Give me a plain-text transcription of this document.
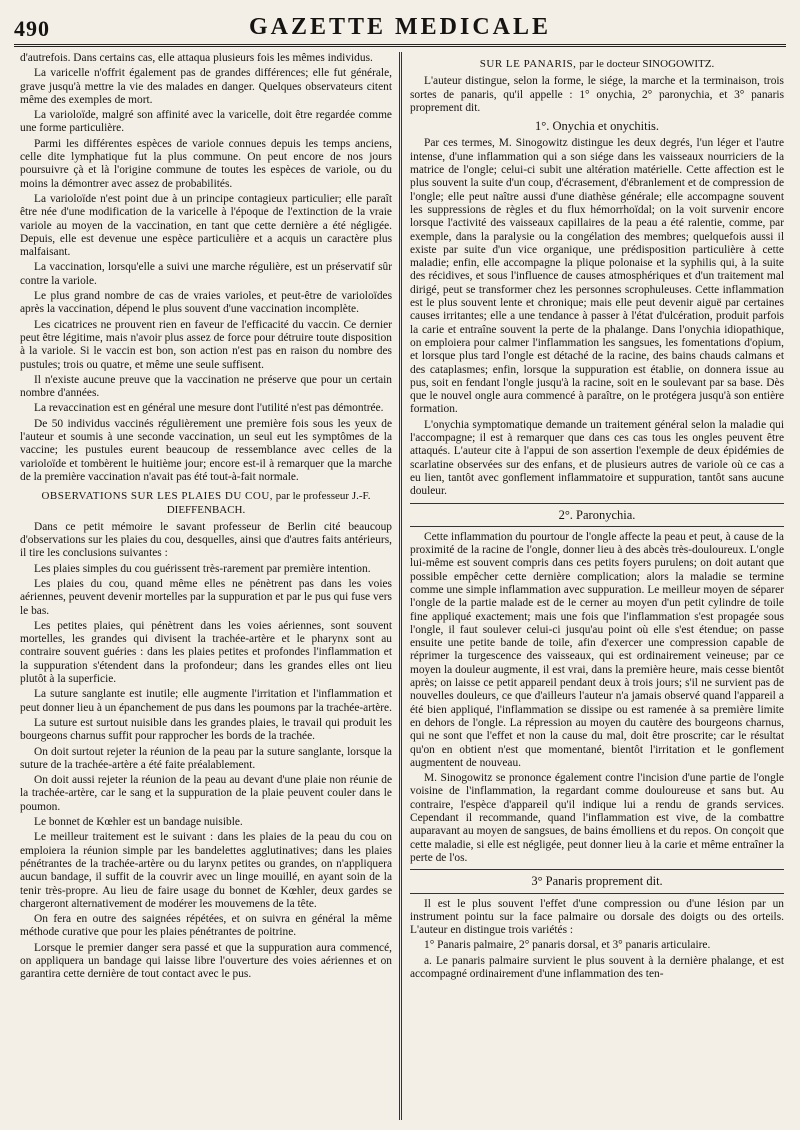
490	GAZETTE MEDICALE

d'autrefois. Dans certains cas, elle attaqua plusieurs fois les mêmes individus.

La varicelle n'offrit également pas de grandes différences; elle fut générale, grave jusqu'à mettre la vie des malades en danger. Quelques observateurs citent même des exemples de mort.

La varioloïde, malgré son affinité avec la varicelle, doit être regardée comme une forme particulière.

Parmi les différentes espèces de variole connues depuis les temps anciens, celle dite lymphatique fut la plus commune. On peut encore de nos jours poursuivre çà et là l'origine commune de toutes les espèces de variole, ou du moins la démontrer avec assez de probabilités.

La varioloïde n'est point due à un principe contagieux particulier; elle paraît être née d'une modification de la varicelle à l'époque de l'extinction de la vraie variole au moyen de la vaccination, en tant que cette dernière a été négligée. Depuis, elle est devenue une espèce particulière et a acquis un caractère plus malfaisant.

La vaccination, lorsqu'elle a suivi une marche régulière, est un préservatif sûr contre la variole.

Le plus grand nombre de cas de vraies varioles, et peut-être de varioloïdes après la vaccination, dépend le plus souvent d'une vaccination incomplète.

Les cicatrices ne prouvent rien en faveur de l'efficacité du vaccin. Ce dernier peut être légitime, mais n'avoir plus assez de force pour détruire toute disposition à la variole. Si le vaccin est bon, son action n'est pas en raison du nombre des pustules; trois ou quatre, et même une seule suffisent.

Il n'existe aucune preuve que la vaccination ne préserve que pour un certain nombre d'années.

La revaccination est en général une mesure dont l'utilité n'est pas démontrée.

De 50 individus vaccinés régulièrement une première fois sous les yeux de l'auteur et soumis à une seconde vaccination, un seul eut les symptômes de la vaccine; les pustules eurent beaucoup de ressemblance avec celles de la varioloïde et tombèrent le huitième jour; encore est-il à remarquer que la marche de la première vaccination n'avait pas été tout-à-fait normale.

OBSERVATIONS SUR LES PLAIES DU COU, par le professeur J.-F. DIEFFENBACH.

Dans ce petit mémoire le savant professeur de Berlin cité beaucoup d'observations sur les plaies du cou, desquelles, ainsi que d'autres faits antérieurs, il tire les conclusions suivantes :

Les plaies simples du cou guérissent très-rarement par première intention.

Les plaies du cou, quand même elles ne pénètrent pas dans les voies aériennes, peuvent devenir mortelles par la suppuration et par le pus qui fuse vers le bas.

Les petites plaies, qui pénètrent dans les voies aériennes, sont souvent mortelles, les grandes qui divisent la trachée-artère et le pharynx sont au contraire souvent guéries : dans les plaies petites et profondes l'inflammation et la suppuration s'étendent dans la profondeur; dans les grandes elles ont lieu plutôt à la superficie.

La suture sanglante est inutile; elle augmente l'irritation et l'inflammation et peut donner lieu à un épanchement de pus dans les poumons par la trachée-artère.

La suture est surtout nuisible dans les grandes plaies, le travail qui produit les bourgeons charnus suffit pour rapprocher les bords de la trachée.

On doit surtout rejeter la réunion de la peau par la suture sanglante, lorsque la suture de la trachée-artère a été faite préalablement.

On doit aussi rejeter la réunion de la peau au devant d'une plaie non réunie de la trachée-artère, car le sang et la suppuration de la plaie peuvent couler dans le poumon.

Le bonnet de Kœhler est un bandage nuisible.

Le meilleur traitement est le suivant : dans les plaies de la peau du cou on emploiera la réunion simple par les bandelettes agglutinatives; dans les plaies pénétrantes de la trachée-artère ou du larynx petites ou grandes, on n'appliquera aucun bandage, il suffit de la couvrir avec un linge mouillé, en ayant soin de la tenir très-propre. Au lieu de faire usage du bonnet de Kœhler, deux gardes se chargeront alternativement de modérer les mouvemens de la tête.

On fera en outre des saignées répétées, et on suivra en général la même méthode curative que pour les plaies pénétrantes de poitrine.

Lorsque le premier danger sera passé et que la suppuration aura commencé, on appliquera un bandage qui laisse libre l'ouverture des voies aériennes et on garantira cette dernière de tout contact avec le pus.

SUR LE PANARIS, par le docteur SINOGOWITZ.

L'auteur distingue, selon la forme, le siége, la marche et la terminaison, trois sortes de panaris, qu'il appelle : 1° onychia, 2° paronychia, et 3° panaris proprement dit.

1°. Onychia et onychitis.

Par ces termes, M. Sinogowitz distingue les deux degrés, l'un léger et l'autre intense, d'une inflammation qui a son siége dans les vaisseaux nourriciers de la matrice de l'ongle; celui-ci subit une altération matérielle. Cette affection est le plus souvent la suite d'un coup, d'écrasement, d'ébranlement et de compression de l'ongle; elle peut naître aussi d'une diathèse générale; elle accompagne souvent les suppressions de règles et du flux hémorrhoïdal; on la voit survenir encore lorsque l'activité des vaisseaux capillaires de la peau a été ralentie, comme, par exemple, dans la paralysie ou la congélation des membres; quelquefois aussi il existe par suite d'un vice organique, une prédisposition particulière à cette maladie; enfin, elle accompagne la plique polonaise et la syphilis qui, à la suite des récidives, et sous l'influence de causes atmosphériques et d'un traitement mal dirigé, peut se transformer chez les personnes scrophuleuses. Cette inflammation est le plus souvent lente et chronique; mais elle peut devenir aiguë par certaines causes irritantes; elle a une tendance à passer à l'état d'ulcération, produit parfois la carie et entraîne souvent la perte de la phalange. Dans l'onychia idiopathique, on emploiera pour calmer l'inflammation les sangsues, les fomentations d'opium, et lorsque plus tard l'ongle est détaché de la racine, des bains chauds calmans et des cataplasmes; enfin, lorsque la suppuration est établie, on donnera issue au pus, soit en fendant l'ongle jusqu'à la racine, soit en le soulevant par sa base. Dès que le nouvel ongle aura commencé à paraître, on le protégera jusqu'à son entière formation.

L'onychia symptomatique demande un traitement général selon la maladie qui l'accompagne; il est à remarquer que dans ces cas tous les ongles peuvent être attaqués. L'auteur cite à l'appui de son assertion l'exemple de deux épidémies de scarlatine observées sur des enfans, et de plusieurs autres de variole où ce cas a eu lien, tantôt avec gonflement inflammatoire et suppuration, tantôt sans aucune douleur.

2°. Paronychia.

Cette inflammation du pourtour de l'ongle affecte la peau et peut, à cause de la proximité de la racine de l'ongle, donner lieu à des abcès très-douloureux. L'ongle lui-même est souvent compris dans ces petits foyers purulens; on doit autant que possible empêcher cette dernière complication; alors la maladie se termine comme une simple inflammation avec suppuration. Le meilleur moyen de séparer l'ongle de la partie malade est de le cerner au moyen d'un petit cylindre de toile fine appliqué exactement; mais une fois que l'inflammation s'est propagée sous l'ongle, il faut soulever celui-ci jusqu'au point où elle s'est étendue; on passe ensuite une petite bande de toile, afin d'exercer une compression capable de réprimer la turgescence des vaisseaux, qui est ordinairement veineuse; par ce moyen la douleur augmente, il est vrai, dans la première heure, mais cesse bientôt après; on laisse ce petit appareil pendant deux à trois jours; s'il ne survient pas de nouvelles douleurs, ce que d'ailleurs l'auteur n'a jamais observé quand l'appareil a été bien appliqué, l'inflammation se dissipe ou est ramenée à sa première limite en dehors de l'ongle. La répression au moyen du cautère des bourgeons charnus, qui ne sont que l'effet et non la cause du mal, doit être proscrite; car le résultat qu'on en obtient n'est que momentané, bientôt l'irritation et le gonflement augmentent de nouveau.

M. Sinogowitz se prononce également contre l'incision d'une partie de l'ongle voisine de l'inflammation, la regardant comme douloureuse et sans but. Au contraire, l'espèce d'appareil qu'il indique lui a rendu de grands services. Cependant il recommande, quand l'inflammation est vive, de la combattre auparavant au moyen de sangsues, de bains émolliens et du repos. On conçoit que cette maladie, si elle est négligée, peut donner lieu à la carie et même entraîner la perte de l'os.

3° Panaris proprement dit.

Il est le plus souvent l'effet d'une compression ou d'une lésion par un instrument pointu sur la face palmaire ou dorsale des doigts ou des orteils. L'auteur en distingue trois variétés :

1° Panaris palmaire, 2° panaris dorsal, et 3° panaris articulaire.

a. Le panaris palmaire survient le plus souvent à la dernière phalange, et est accompagné ordinairement d'une inflammation des ten-
